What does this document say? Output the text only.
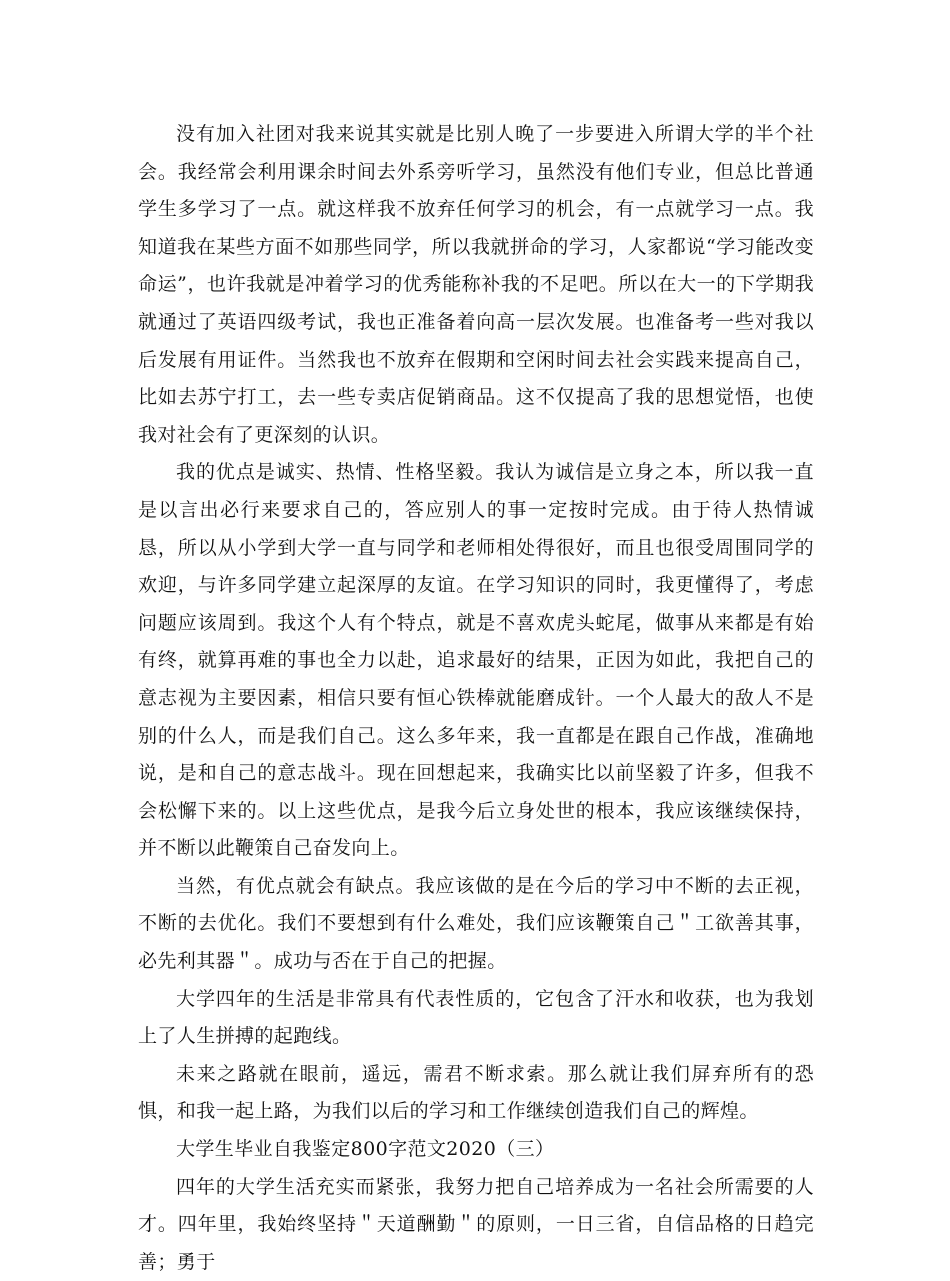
没有加入社团对我来说其实就是比别人晚了一步要进入所谓大学的半个社会。我经常会利用课余时间去外系旁听学习，虽然没有他们专业，但总比普通学生多学习了一点。就这样我不放弃任何学习的机会，有一点就学习一点。我知道我在某些方面不如那些同学，所以我就拼命的学习，人家都说“学习能改变命运”，也许我就是冲着学习的优秀能称补我的不足吧。所以在大一的下学期我就通过了英语四级考试，我也正准备着向高一层次发展。也准备考一些对我以后发展有用证件。当然我也不放弃在假期和空闲时间去社会实践来提高自己，比如去苏宁打工，去一些专卖店促销商品。这不仅提高了我的思想觉悟，也使我对社会有了更深刻的认识。

我的优点是诚实、热情、性格坚毅。我认为诚信是立身之本，所以我一直是以言出必行来要求自己的，答应别人的事一定按时完成。由于待人热情诚恳，所以从小学到大学一直与同学和老师相处得很好，而且也很受周围同学的欢迎，与许多同学建立起深厚的友谊。在学习知识的同时，我更懂得了，考虑问题应该周到。我这个人有个特点，就是不喜欢虎头蛇尾，做事从来都是有始有终，就算再难的事也全力以赴，追求最好的结果，正因为如此，我把自己的意志视为主要因素，相信只要有恒心铁棒就能磨成针。一个人最大的敌人不是别的什么人，而是我们自己。这么多年来，我一直都是在跟自己作战，准确地说，是和自己的意志战斗。现在回想起来，我确实比以前坚毅了许多，但我不会松懈下来的。以上这些优点，是我今后立身处世的根本，我应该继续保持，并不断以此鞭策自己奋发向上。

当然，有优点就会有缺点。我应该做的是在今后的学习中不断的去正视，不断的去优化。我们不要想到有什么难处，我们应该鞭策自己＂工欲善其事，必先利其器＂。成功与否在于自己的把握。

大学四年的生活是非常具有代表性质的，它包含了汗水和收获，也为我划上了人生拼搏的起跑线。

未来之路就在眼前，遥远，需君不断求索。那么就让我们屏弃所有的恐惧，和我一起上路，为我们以后的学习和工作继续创造我们自己的辉煌。

大学生毕业自我鉴定800字范文2020（三）

四年的大学生活充实而紧张，我努力把自己培养成为一名社会所需要的人才。四年里，我始终坚持＂天道酬勤＂的原则，一日三省，自信品格的日趋完善；勇于
